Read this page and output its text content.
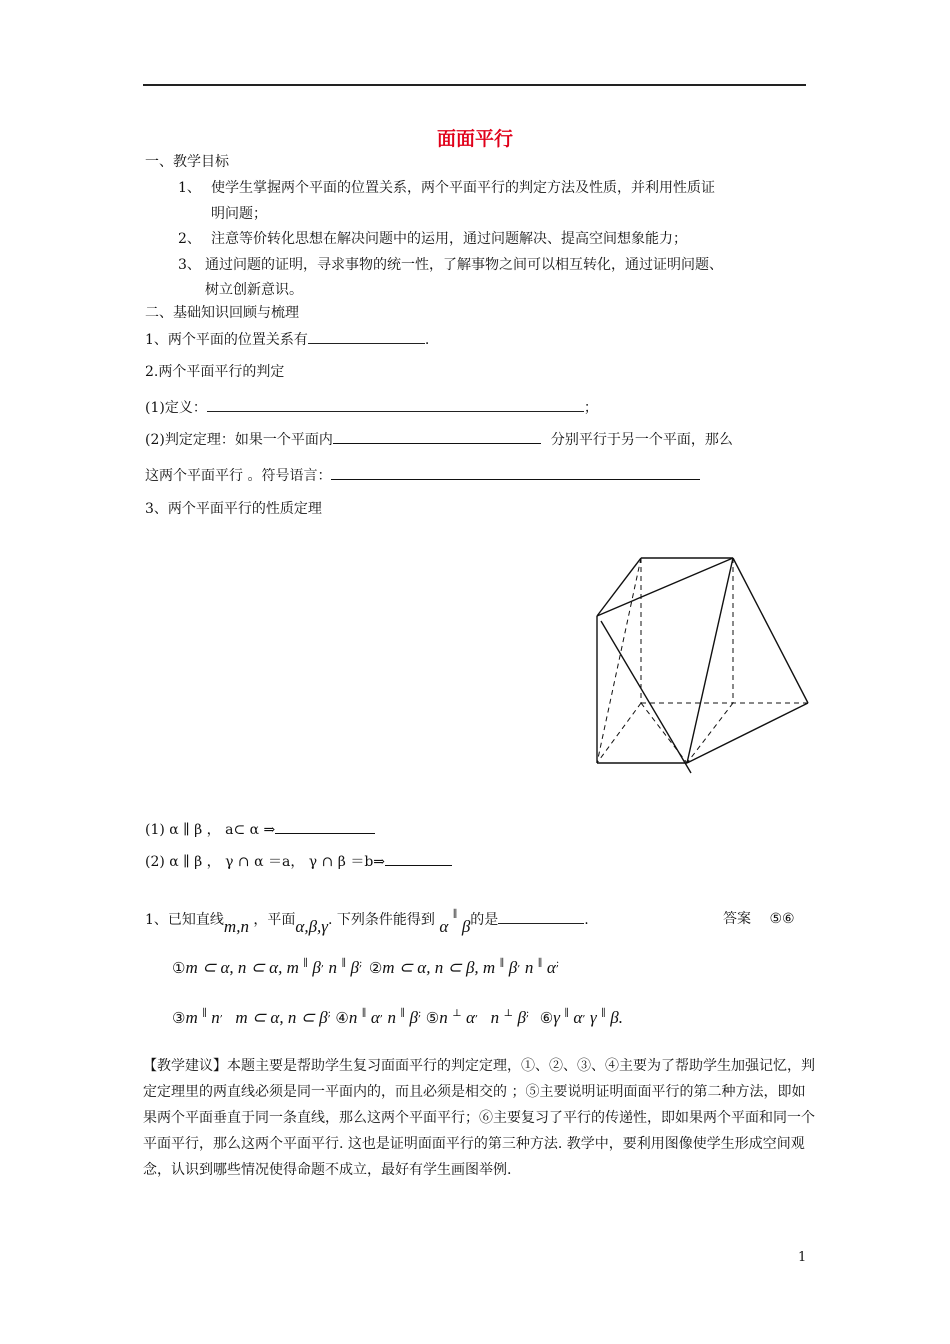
面面平行
一、教学目标
1、 使学生掌握两个平面的位置关系，两个平面平行的判定方法及性质，并利用性质证
明问题；
2、 注意等价转化思想在解决问题中的运用，通过问题解决、提高空间想象能力；
3、 通过问题的证明，寻求事物的统一性，了解事物之间可以相互转化，通过证明问题、
树立创新意识。
二、基础知识回顾与梳理
1、两个平面的位置关系有	.
2.两个平面平行的判定
(1)定义：	；
(2)判定定理：如果一个平面内	分别平行于另一个平面，那么
这两个平面平行 。符号语言：
3、两个平面平行的性质定理
(1) α ∥ β ， a⊂ α ⇒
(2) α ∥ β ， γ ∩ α ＝a， γ ∩ β ＝b⇒
1、已知直线m,n ，平面α,β,γ. 下列条件能得到 α ∥ β的是	.	答案 ⑤⑥
①m ⊂ α, n ⊂ α, m ∥ β, n ∥ β; ②m ⊂ α, n ⊂ β, m ∥ β, n ∥ α;
③m ∥ n, m ⊂ α, n ⊂ β; ④n ∥ α, n ∥ β; ⑤n ⊥ α, n ⊥ β; ⑥γ ∥ α, γ ∥ β.
【教学建议】本题主要是帮助学生复习面面平行的判定定理，①、②、③、④主要为了帮助学生加强记忆，判定定理里的两直线必须是同一平面内的，而且必须是相交的 ；⑤主要说明证明面面平行的第二种方法，即如果两个平面垂直于同一条直线，那么这两个平面平行；⑥主要复习了平行的传递性，即如果两个平面和同一个平面平行，那么这两个平面平行. 这也是证明面面平行的第三种方法. 教学中，要利用图像使学生形成空间观念，认识到哪些情况使得命题不成立，最好有学生画图举例.
1
